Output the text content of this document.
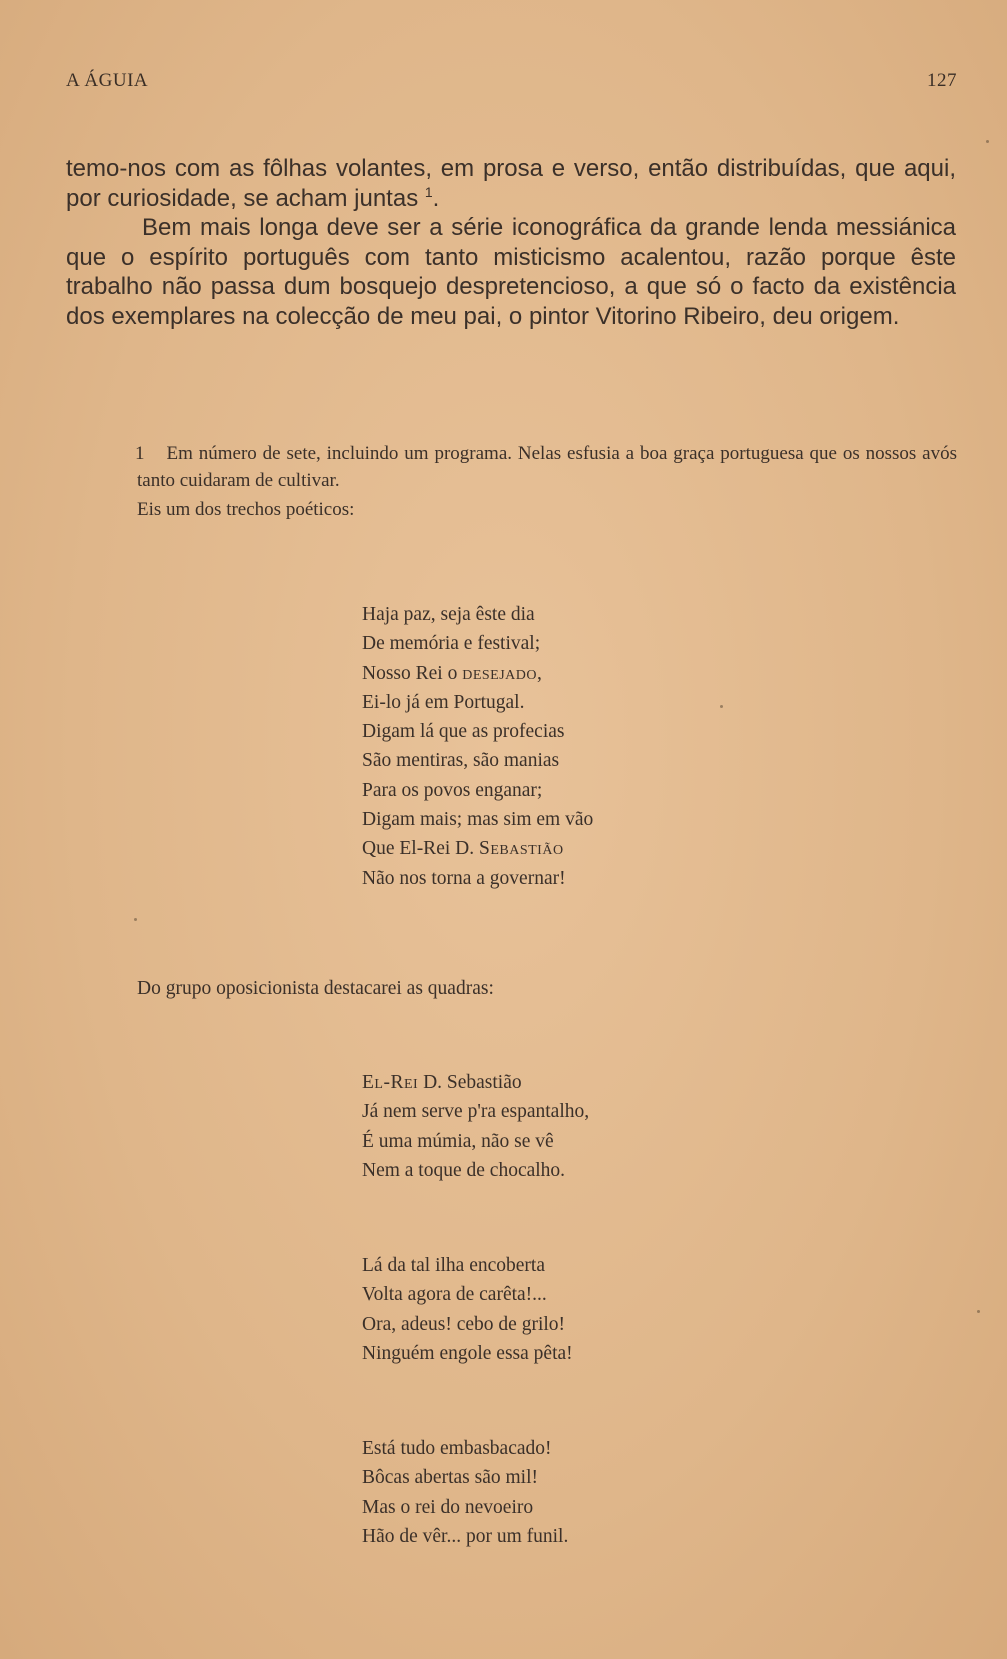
A ÁGUIA	127

temo-nos com as fôlhas volantes, em prosa e verso, então distribuídas, que aqui, por curiosidade, se acham juntas $^1$.

Bem mais longa deve ser a série iconográfica da grande lenda messiánica que o espírito português com tanto misticismo acalentou, razão porque êste trabalho não passa dum bosquejo despretencioso, a que só o facto da existência dos exemplares na colecção de meu pai, o pintor Vitorino Ribeiro, deu origem.

1 Em número de sete, incluindo um programa. Nelas esfusia a boa graça portuguesa que os nossos avós tanto cuidaram de cultivar.

Eis um dos trechos poéticos:

Haja paz, seja êste dia
De memória e festival;
Nosso Rei o desejado,
Ei-lo já em Portugal.
Digam lá que as profecias
São mentiras, são manias
Para os povos enganar;
Digam mais; mas sim em vão
Que El-Rei D. Sebastião
Não nos torna a governar!
Do grupo oposicionista destacarei as quadras:
El-Rei D. Sebastião
Já nem serve p'ra espantalho,
É uma múmia, não se vê
Nem a toque de chocalho.
Lá da tal ilha encoberta
Volta agora de carêta!...
Ora, adeus! cebo de grilo!
Ninguém engole essa pêta!
Está tudo embasbacado!
Bôcas abertas são mil!
Mas o rei do nevoeiro
Hão de vêr... por um funil.
